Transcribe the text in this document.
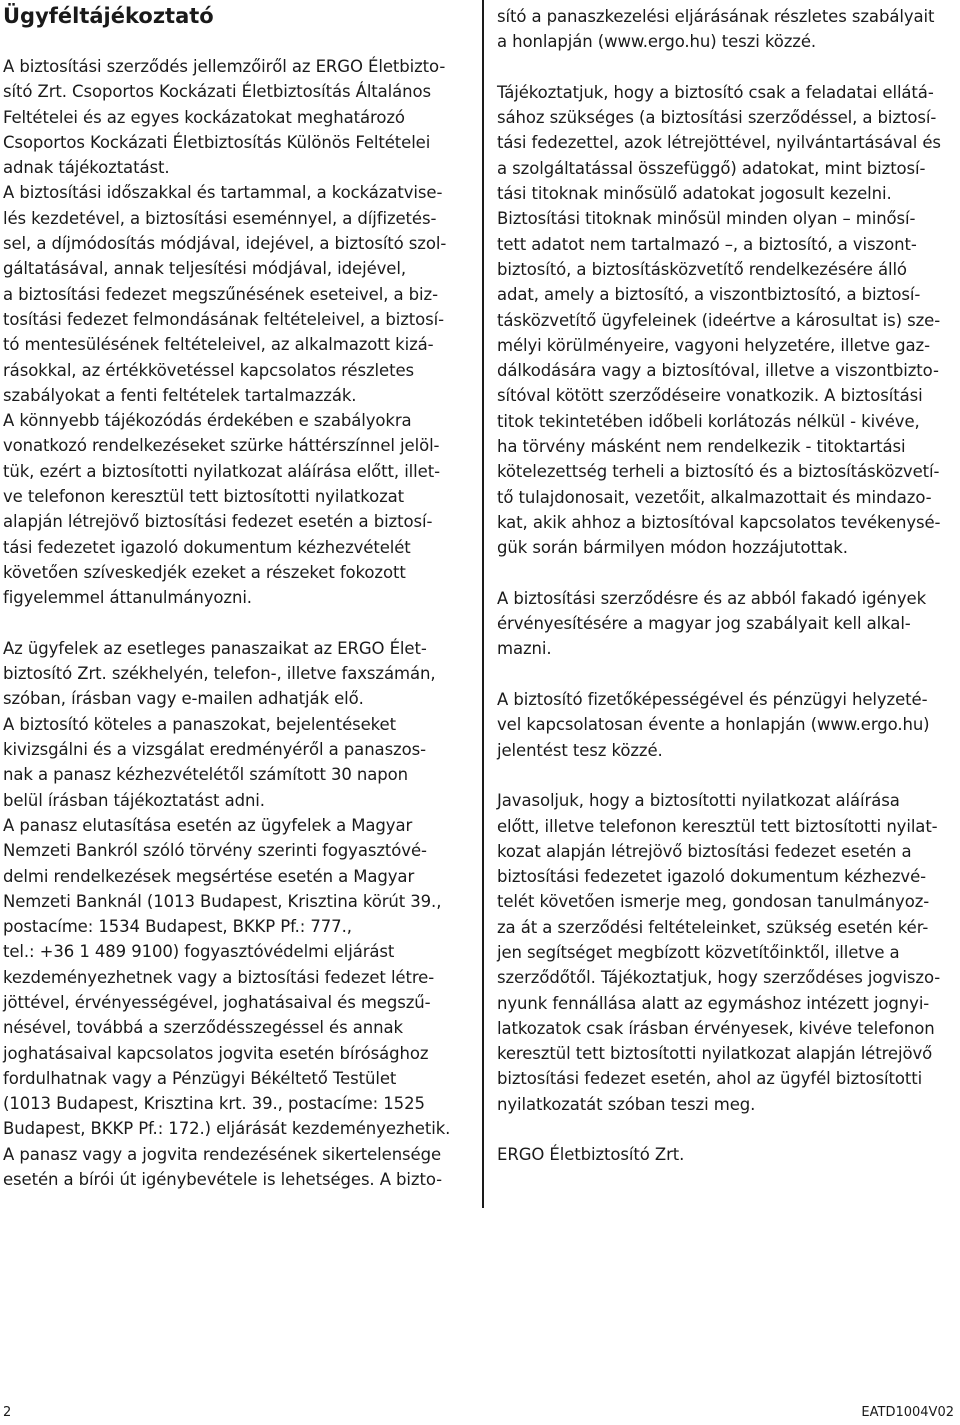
Ügyféltájékoztató

A biztosítási szerződés jellemzőiről az ERGO Életbizto-

sító Zrt. Csoportos Kockázati Életbiztosítás Általános

Feltételei és az egyes kockázatokat meghatározó

Csoportos Kockázati Életbiztosítás Különös Feltételei

adnak tájékoztatást.

A biztosítási időszakkal és tartammal, a kockázatvise-

lés kezdetével, a biztosítási eseménnyel, a díjfizetés-

sel, a díjmódosítás módjával, idejével, a biztosító szol-

gáltatásával, annak teljesítési módjával, idejével,

a biztosítási fedezet megszűnésének eseteivel, a biz-

tosítási fedezet felmondásának feltételeivel, a biztosí-

tó mentesülésének feltételeivel, az alkalmazott kizá-

rásokkal, az értékkövetéssel kapcsolatos részletes

szabályokat a fenti feltételek tartalmazzák.

A könnyebb tájékozódás érdekében e szabályokra

vonatkozó rendelkezéseket szürke háttérszínnel jelöl-

tük, ezért a biztosítotti nyilatkozat aláírása előtt, illet-

ve telefonon keresztül tett biztosítotti nyilatkozat

alapján létrejövő biztosítási fedezet esetén a biztosí-

tási fedezetet igazoló dokumentum kézhezvételét

követően szíveskedjék ezeket a részeket fokozott

figyelemmel áttanulmányozni.

Az ügyfelek az esetleges panaszaikat az ERGO Élet-

biztosító Zrt. székhelyén, telefon-, illetve faxszámán,

szóban, írásban vagy e-mailen adhatják elő.

A biztosító köteles a panaszokat, bejelentéseket

kivizsgálni és a vizsgálat eredményéről a panaszos-

nak a panasz kézhezvételétől számított 30 napon

belül írásban tájékoztatást adni.

A panasz elutasítása esetén az ügyfelek a Magyar

Nemzeti Bankról szóló törvény szerinti fogyasztóvé-

delmi rendelkezések megsértése esetén a Magyar

Nemzeti Banknál (1013 Budapest, Krisztina körút 39.,

postacíme: 1534 Budapest, BKKP Pf.: 777.,

tel.: +36 1 489 9100) fogyasztóvédelmi eljárást

kezdeményezhetnek vagy a biztosítási fedezet létre-

jöttével, érvényességével, joghatásaival és megszű-

nésével, továbbá a szerződésszegéssel és annak

joghatásaival kapcsolatos jogvita esetén bírósághoz

fordulhatnak vagy a Pénzügyi Békéltető Testület

(1013 Budapest, Krisztina krt. 39., postacíme: 1525

Budapest, BKKP Pf.: 172.) eljárását kezdeményezhetik.

A panasz vagy a jogvita rendezésének sikertelensége

esetén a bírói út igénybevétele is lehetséges. A bizto-

sító a panaszkezelési eljárásának részletes szabályait

a honlapján (www.ergo.hu) teszi közzé.

Tájékoztatjuk, hogy a biztosító csak a feladatai ellátá-

sához szükséges (a biztosítási szerződéssel, a biztosí-

tási fedezettel, azok létrejöttével, nyilvántartásával és

a szolgáltatással összefüggő) adatokat, mint biztosí-

tási titoknak minősülő adatokat jogosult kezelni.

Biztosítási titoknak minősül minden olyan – minősí-

tett adatot nem tartalmazó –, a biztosító, a viszont-

biztosító, a biztosításközvetítő rendelkezésére álló

adat, amely a biztosító, a viszontbiztosító, a biztosí-

tásközvetítő ügyfeleinek (ideértve a károsultat is) sze-

mélyi körülményeire, vagyoni helyzetére, illetve gaz-

dálkodására vagy a biztosítóval, illetve a viszontbizto-

sítóval kötött szerződéseire vonatkozik. A biztosítási

titok tekintetében időbeli korlátozás nélkül - kivéve,

ha törvény másként nem rendelkezik - titoktartási

kötelezettség terheli a biztosító és a biztosításközvetí-

tő tulajdonosait, vezetőit, alkalmazottait és mindazo-

kat, akik ahhoz a biztosítóval kapcsolatos tevékenysé-

gük során bármilyen módon hozzájutottak.

A biztosítási szerződésre és az abból fakadó igények

érvényesítésére a magyar jog szabályait kell alkal-

mazni.

A biztosító fizetőképességével és pénzügyi helyzeté-

vel kapcsolatosan évente a honlapján (www.ergo.hu)

jelentést tesz közzé.

Javasoljuk, hogy a biztosítotti nyilatkozat aláírása

előtt, illetve telefonon keresztül tett biztosítotti nyilat-

kozat alapján létrejövő biztosítási fedezet esetén a

biztosítási fedezetet igazoló dokumentum kézhezvé-

telét követően ismerje meg, gondosan tanulmányoz-

za át a szerződési feltételeinket, szükség esetén kér-

jen segítséget megbízott közvetítőinktől, illetve a

szerződőtől. Tájékoztatjuk, hogy szerződéses jogviszo-

nyunk fennállása alatt az egymáshoz intézett jognyi-

latkozatok csak írásban érvényesek, kivéve telefonon

keresztül tett biztosítotti nyilatkozat alapján létrejövő

biztosítási fedezet esetén, ahol az ügyfél biztosítotti

nyilatkozatát szóban teszi meg.

ERGO Életbiztosító Zrt.

2	EATD1004V02
